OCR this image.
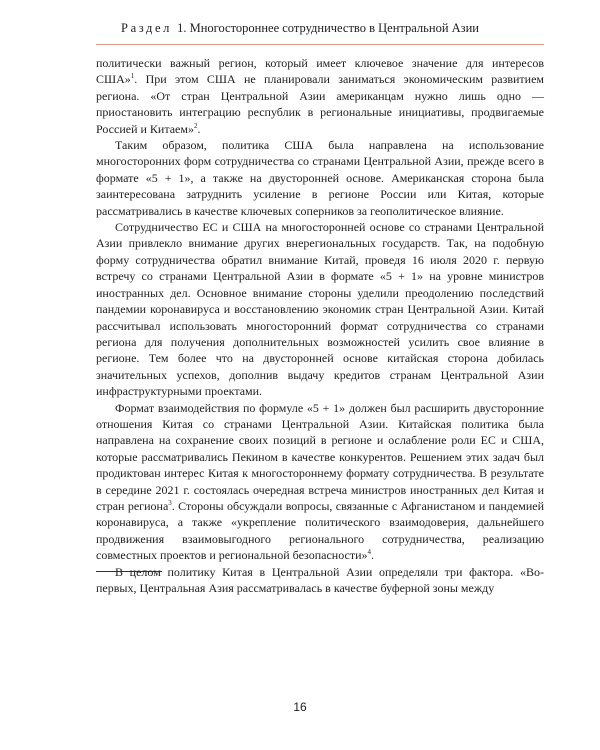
Раздел 1. Многостороннее сотрудничество в Центральной Азии

политически важный регион, который имеет ключевое значение для интересов США»$^1$. При этом США не планировали заниматься экономическим развитием региона. «От стран Центральной Азии американцам нужно лишь одно — приостановить интеграцию республик в региональные инициативы, продвигаемые Россией и Китаем»$^2$.

Таким образом, политика США была направлена на использование многосторонних форм сотрудничества со странами Центральной Азии, прежде всего в формате «5 + 1», а также на двусторонней основе. Американская сторона была заинтересована затруднить усиление в регионе России или Китая, которые рассматривались в качестве ключевых соперников за геополитическое влияние.

Сотрудничество ЕС и США на многосторонней основе со странами Центральной Азии привлекло внимание других внерегиональных государств. Так, на подобную форму сотрудничества обратил внимание Китай, проведя 16 июля 2020 г. первую встречу со странами Центральной Азии в формате «5 + 1» на уровне министров иностранных дел. Основное внимание стороны уделили преодолению последствий пандемии коронавируса и восстановлению экономик стран Центральной Азии. Китай рассчитывал использовать многосторонний формат сотрудничества со странами региона для получения дополнительных возможностей усилить свое влияние в регионе. Тем более что на двусторонней основе китайская сторона добилась значительных успехов, дополнив выдачу кредитов странам Центральной Азии инфраструктурными проектами.

Формат взаимодействия по формуле «5 + 1» должен был расширить двусторонние отношения Китая со странами Центральной Азии. Китайская политика была направлена на сохранение своих позиций в регионе и ослабление роли ЕС и США, которые рассматривались Пекином в качестве конкурентов. Решением этих задач был продиктован интерес Китая к многостороннему формату сотрудничества. В результате в середине 2021 г. состоялась очередная встреча министров иностранных дел Китая и стран региона$^3$. Стороны обсуждали вопросы, связанные с Афганистаном и пандемией коронавируса, а также «укрепление политического взаимодоверия, дальнейшего продвижения взаимовыгодного регионального сотрудничества, реализацию совместных проектов и региональной безопасности»$^4$.

В целом политику Китая в Центральной Азии определяли три фактора. «Во-первых, Центральная Азия рассматривалась в качестве буферной зоны между

16
